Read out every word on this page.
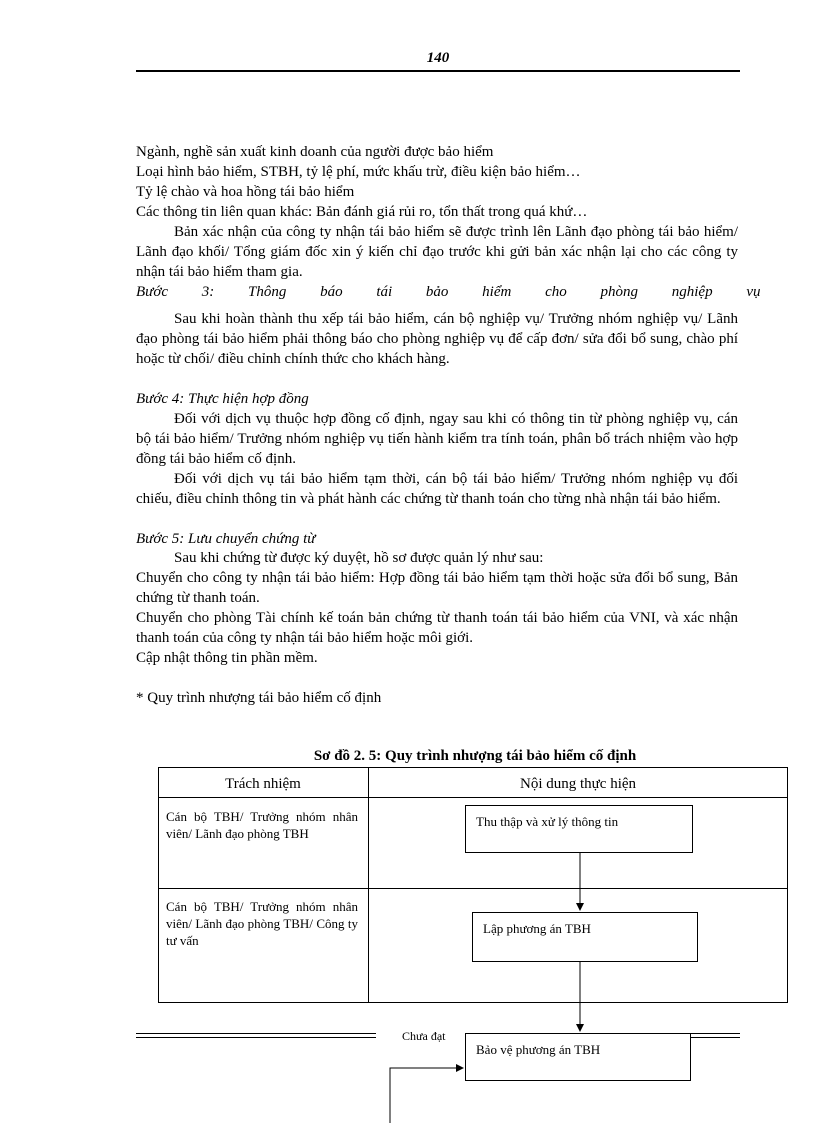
140
Ngành, nghề sản xuất kinh doanh của người được bảo hiểm
Loại hình bảo hiểm, STBH, tỷ lệ phí, mức khấu trừ, điều kiện bảo hiểm…
Tỷ lệ chào và hoa hồng tái bảo hiểm
Các thông tin liên quan khác: Bản đánh giá rủi ro, tổn thất trong quá khứ…
Bản xác nhận của công ty nhận tái bảo hiểm sẽ được trình lên Lãnh đạo phòng tái bảo hiểm/ Lãnh đạo khối/ Tổng giám đốc xin ý kiến chỉ đạo trước khi gửi bản xác nhận lại cho các công ty nhận tái bảo hiểm tham gia.
Bước 3: Thông báo tái bảo hiểm cho phòng nghiệp vụ
Sau khi hoàn thành thu xếp tái bảo hiểm, cán bộ nghiệp vụ/ Trưởng nhóm nghiệp vụ/ Lãnh đạo phòng tái bảo hiểm phải thông báo cho phòng nghiệp vụ để cấp đơn/ sửa đổi bổ sung, chào phí hoặc từ chối/ điều chỉnh chính thức cho khách hàng.
Bước 4: Thực hiện hợp đồng
Đối với dịch vụ thuộc hợp đồng cố định, ngay sau khi có thông tin từ phòng nghiệp vụ, cán bộ tái bảo hiểm/ Trưởng nhóm nghiệp vụ tiến hành kiểm tra tính toán, phân bổ trách nhiệm vào hợp đồng tái bảo hiểm cố định.
Đối với dịch vụ tái bảo hiểm tạm thời, cán bộ tái bảo hiểm/ Trưởng nhóm nghiệp vụ đối chiếu, điều chỉnh thông tin và phát hành các chứng từ thanh toán cho từng nhà nhận tái bảo hiểm.
Bước 5: Lưu chuyển chứng từ
Sau khi chứng từ được ký duyệt, hồ sơ được quản lý như sau:
Chuyển cho công ty nhận tái bảo hiểm: Hợp đồng tái bảo hiểm tạm thời hoặc sửa đổi bổ sung, Bản chứng từ thanh toán.
Chuyển cho phòng Tài chính kế toán bản chứng từ thanh toán tái bảo hiểm của VNI, và xác nhận thanh toán của công ty nhận tái bảo hiểm hoặc môi giới.
Cập nhật thông tin phần mềm.
* Quy trình nhượng tái bảo hiểm cố định
Sơ đồ 2. 5: Quy trình nhượng tái bảo hiểm cố định
Trách nhiệm	Nội dung thực hiện
Cán bộ TBH/ Trưởng nhóm nhân viên/ Lãnh đạo phòng TBH
Cán bộ TBH/ Trưởng nhóm nhân viên/ Lãnh đạo phòng TBH/ Công ty tư vấn
Thu thập và xử lý thông tin
Lập phương án TBH
Bảo vệ phương án TBH
Chưa đạt
